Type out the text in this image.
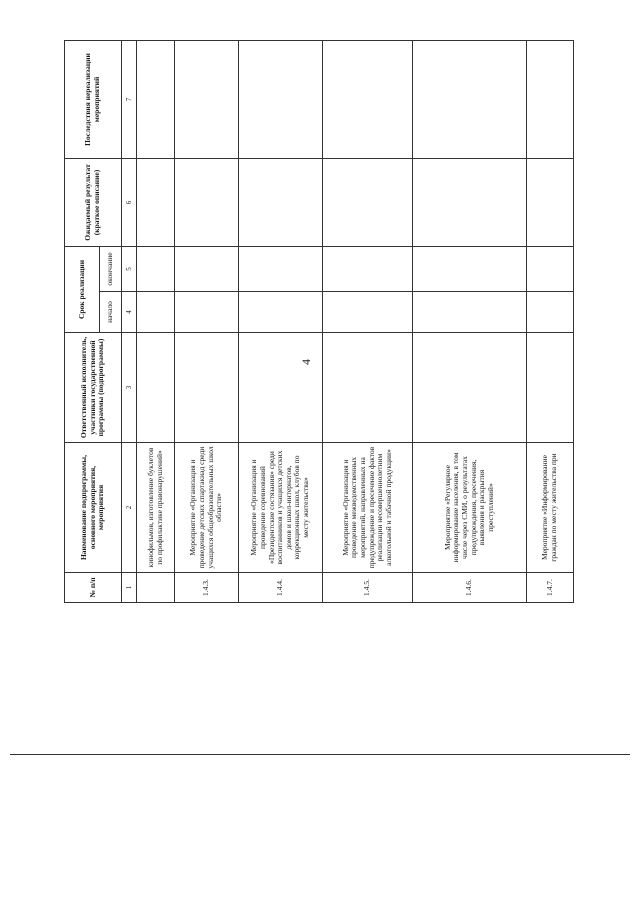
4
№ п/п	Наименование подпрограммы, основного мероприятия, мероприятия	Ответственный исполнитель, участники государственной программы (подпрограммы)	Срок реализации		Ожидаемый результат (краткое описание)	Последствия нереализации мероприятий
			начало	окончание		
1	2	3	4	5	6	7
	кинофильмов, изготовление буклетов по профилактике правонарушений»					
1.4.3.	Мероприятие «Организация и проведение детских спартакиад среди учащихся общеобразовательных школ области»					
1.4.4.	Мероприятие «Организация и проведение соревнований «Президентские состязания» среди воспитанников и учащихся детских домов и школ-интернатов, коррекционных школ, клубов по месту жительства»					
1.4.5.	Мероприятие «Организация и проведение межведомственных мероприятий, направленных на предупреждение и пресечение фактов реализации несовершеннолетним алкогольной и табачной продукции»					
1.4.6.	Мероприятие «Регулярное информирование населения, в том числе через СМИ, о результатах предупреждения, пресечения, выявления и раскрытия преступлений»					
1.4.7.	Мероприятие «Информирование граждан по месту жительства при					
